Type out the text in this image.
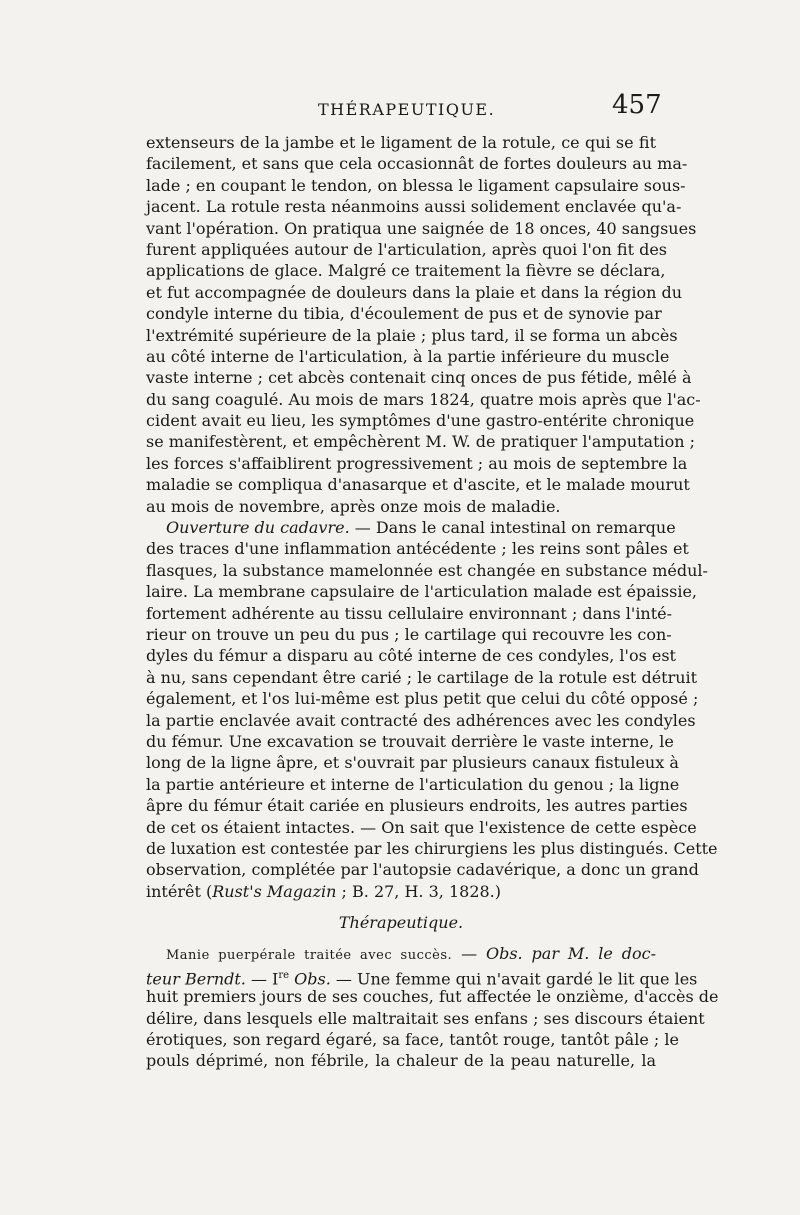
THÉRAPEUTIQUE.	457
extenseurs de la jambe et le ligament de la rotule, ce qui se fit
facilement, et sans que cela occasionnât de fortes douleurs au ma-
lade ; en coupant le tendon, on blessa le ligament capsulaire sous-
jacent. La rotule resta néanmoins aussi solidement enclavée qu'a-
vant l'opération. On pratiqua une saignée de 18 onces, 40 sangsues
furent appliquées autour de l'articulation, après quoi l'on fit des
applications de glace. Malgré ce traitement la fièvre se déclara,
et fut accompagnée de douleurs dans la plaie et dans la région du
condyle interne du tibia, d'écoulement de pus et de synovie par
l'extrémité supérieure de la plaie ; plus tard, il se forma un abcès
au côté interne de l'articulation, à la partie inférieure du muscle
vaste interne ; cet abcès contenait cinq onces de pus fétide, mêlé à
du sang coagulé. Au mois de mars 1824, quatre mois après que l'ac-
cident avait eu lieu, les symptômes d'une gastro-entérite chronique
se manifestèrent, et empêchèrent M. W. de pratiquer l'amputation ;
les forces s'affaiblirent progressivement ; au mois de septembre la
maladie se compliqua d'anasarque et d'ascite, et le malade mourut
au mois de novembre, après onze mois de maladie.
Ouverture du cadavre. — Dans le canal intestinal on remarque
des traces d'une inflammation antécédente ; les reins sont pâles et
flasques, la substance mamelonnée est changée en substance médul-
laire. La membrane capsulaire de l'articulation malade est épaissie,
fortement adhérente au tissu cellulaire environnant ; dans l'inté-
rieur on trouve un peu du pus ; le cartilage qui recouvre les con-
dyles du fémur a disparu au côté interne de ces condyles, l'os est
à nu, sans cependant être carié ; le cartilage de la rotule est détruit
également, et l'os lui-même est plus petit que celui du côté opposé ;
la partie enclavée avait contracté des adhérences avec les condyles
du fémur. Une excavation se trouvait derrière le vaste interne, le
long de la ligne âpre, et s'ouvrait par plusieurs canaux fistuleux à
la partie antérieure et interne de l'articulation du genou ; la ligne
âpre du fémur était cariée en plusieurs endroits, les autres parties
de cet os étaient intactes. — On sait que l'existence de cette espèce
de luxation est contestée par les chirurgiens les plus distingués. Cette
observation, complétée par l'autopsie cadavérique, a donc un grand
intérêt (Rust's Magazin ; B. 27, H. 3, 1828.)
Thérapeutique.
Manie puerpérale traitée avec succès. — Obs. par M. le doc-
teur Berndt. — Ire Obs. — Une femme qui n'avait gardé le lit que les
huit premiers jours de ses couches, fut affectée le onzième, d'accès de
délire, dans lesquels elle maltraitait ses enfans ; ses discours étaient
érotiques, son regard égaré, sa face, tantôt rouge, tantôt pâle ; le
pouls déprimé, non fébrile, la chaleur de la peau naturelle, la
